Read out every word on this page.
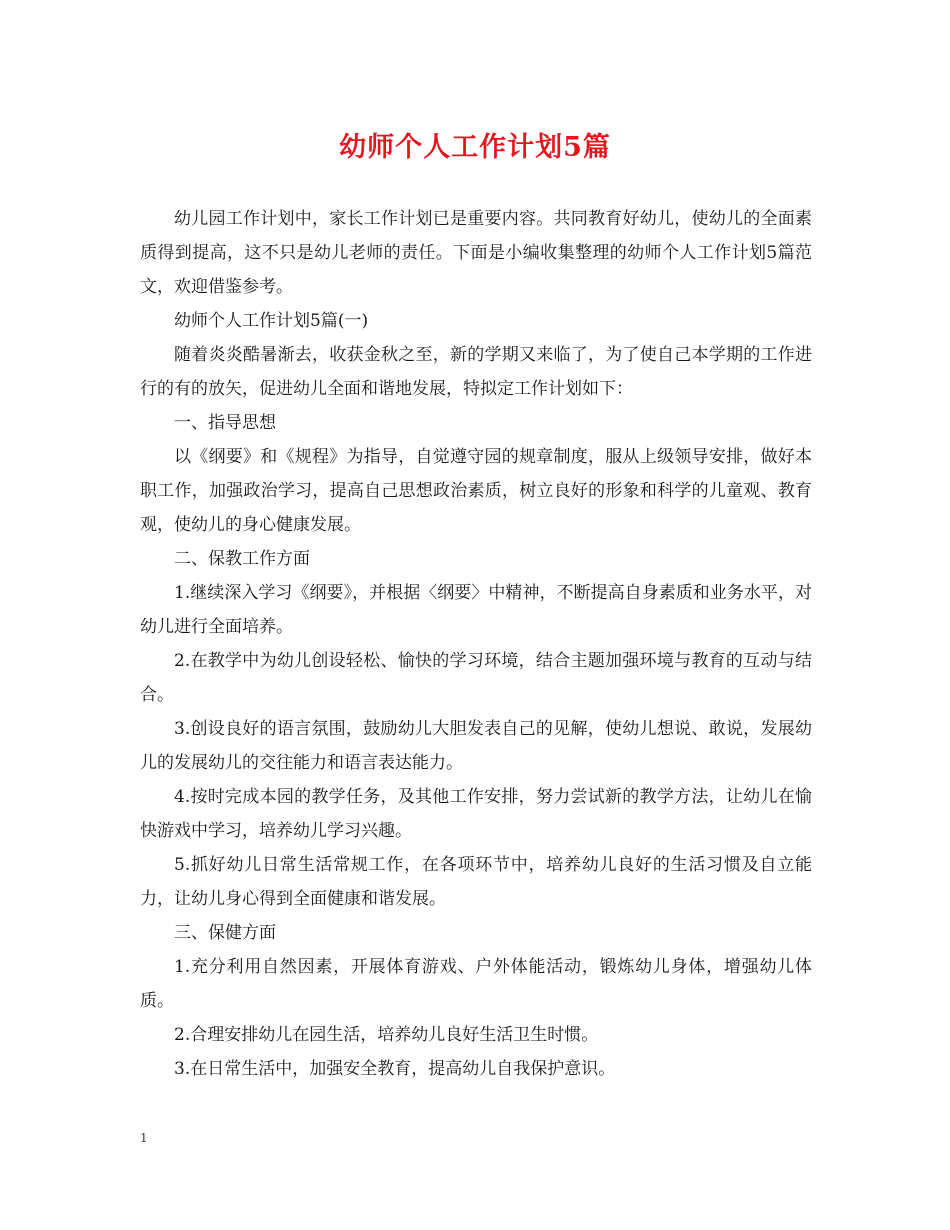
幼师个人工作计划5篇

幼儿园工作计划中，家长工作计划已是重要内容。共同教育好幼儿，使幼儿的全面素质得到提高，这不只是幼儿老师的责任。下面是小编收集整理的幼师个人工作计划5篇范文，欢迎借鉴参考。

幼师个人工作计划5篇(一)

随着炎炎酷暑渐去，收获金秋之至，新的学期又来临了，为了使自己本学期的工作进行的有的放矢，促进幼儿全面和谐地发展，特拟定工作计划如下：

一、指导思想

以《纲要》和《规程》为指导，自觉遵守园的规章制度，服从上级领导安排，做好本职工作，加强政治学习，提高自己思想政治素质，树立良好的形象和科学的儿童观、教育观，使幼儿的身心健康发展。

二、保教工作方面

1.继续深入学习《纲要》，并根据〈纲要〉中精神，不断提高自身素质和业务水平，对幼儿进行全面培养。

2.在教学中为幼儿创设轻松、愉快的学习环境，结合主题加强环境与教育的互动与结合。

3.创设良好的语言氛围，鼓励幼儿大胆发表自己的见解，使幼儿想说、敢说，发展幼儿的发展幼儿的交往能力和语言表达能力。

4.按时完成本园的教学任务，及其他工作安排，努力尝试新的教学方法，让幼儿在愉快游戏中学习，培养幼儿学习兴趣。

5.抓好幼儿日常生活常规工作，在各项环节中，培养幼儿良好的生活习惯及自立能力，让幼儿身心得到全面健康和谐发展。

三、保健方面

1.充分利用自然因素，开展体育游戏、户外体能活动，锻炼幼儿身体，增强幼儿体质。

2.合理安排幼儿在园生活，培养幼儿良好生活卫生时惯。

3.在日常生活中，加强安全教育，提高幼儿自我保护意识。

1
